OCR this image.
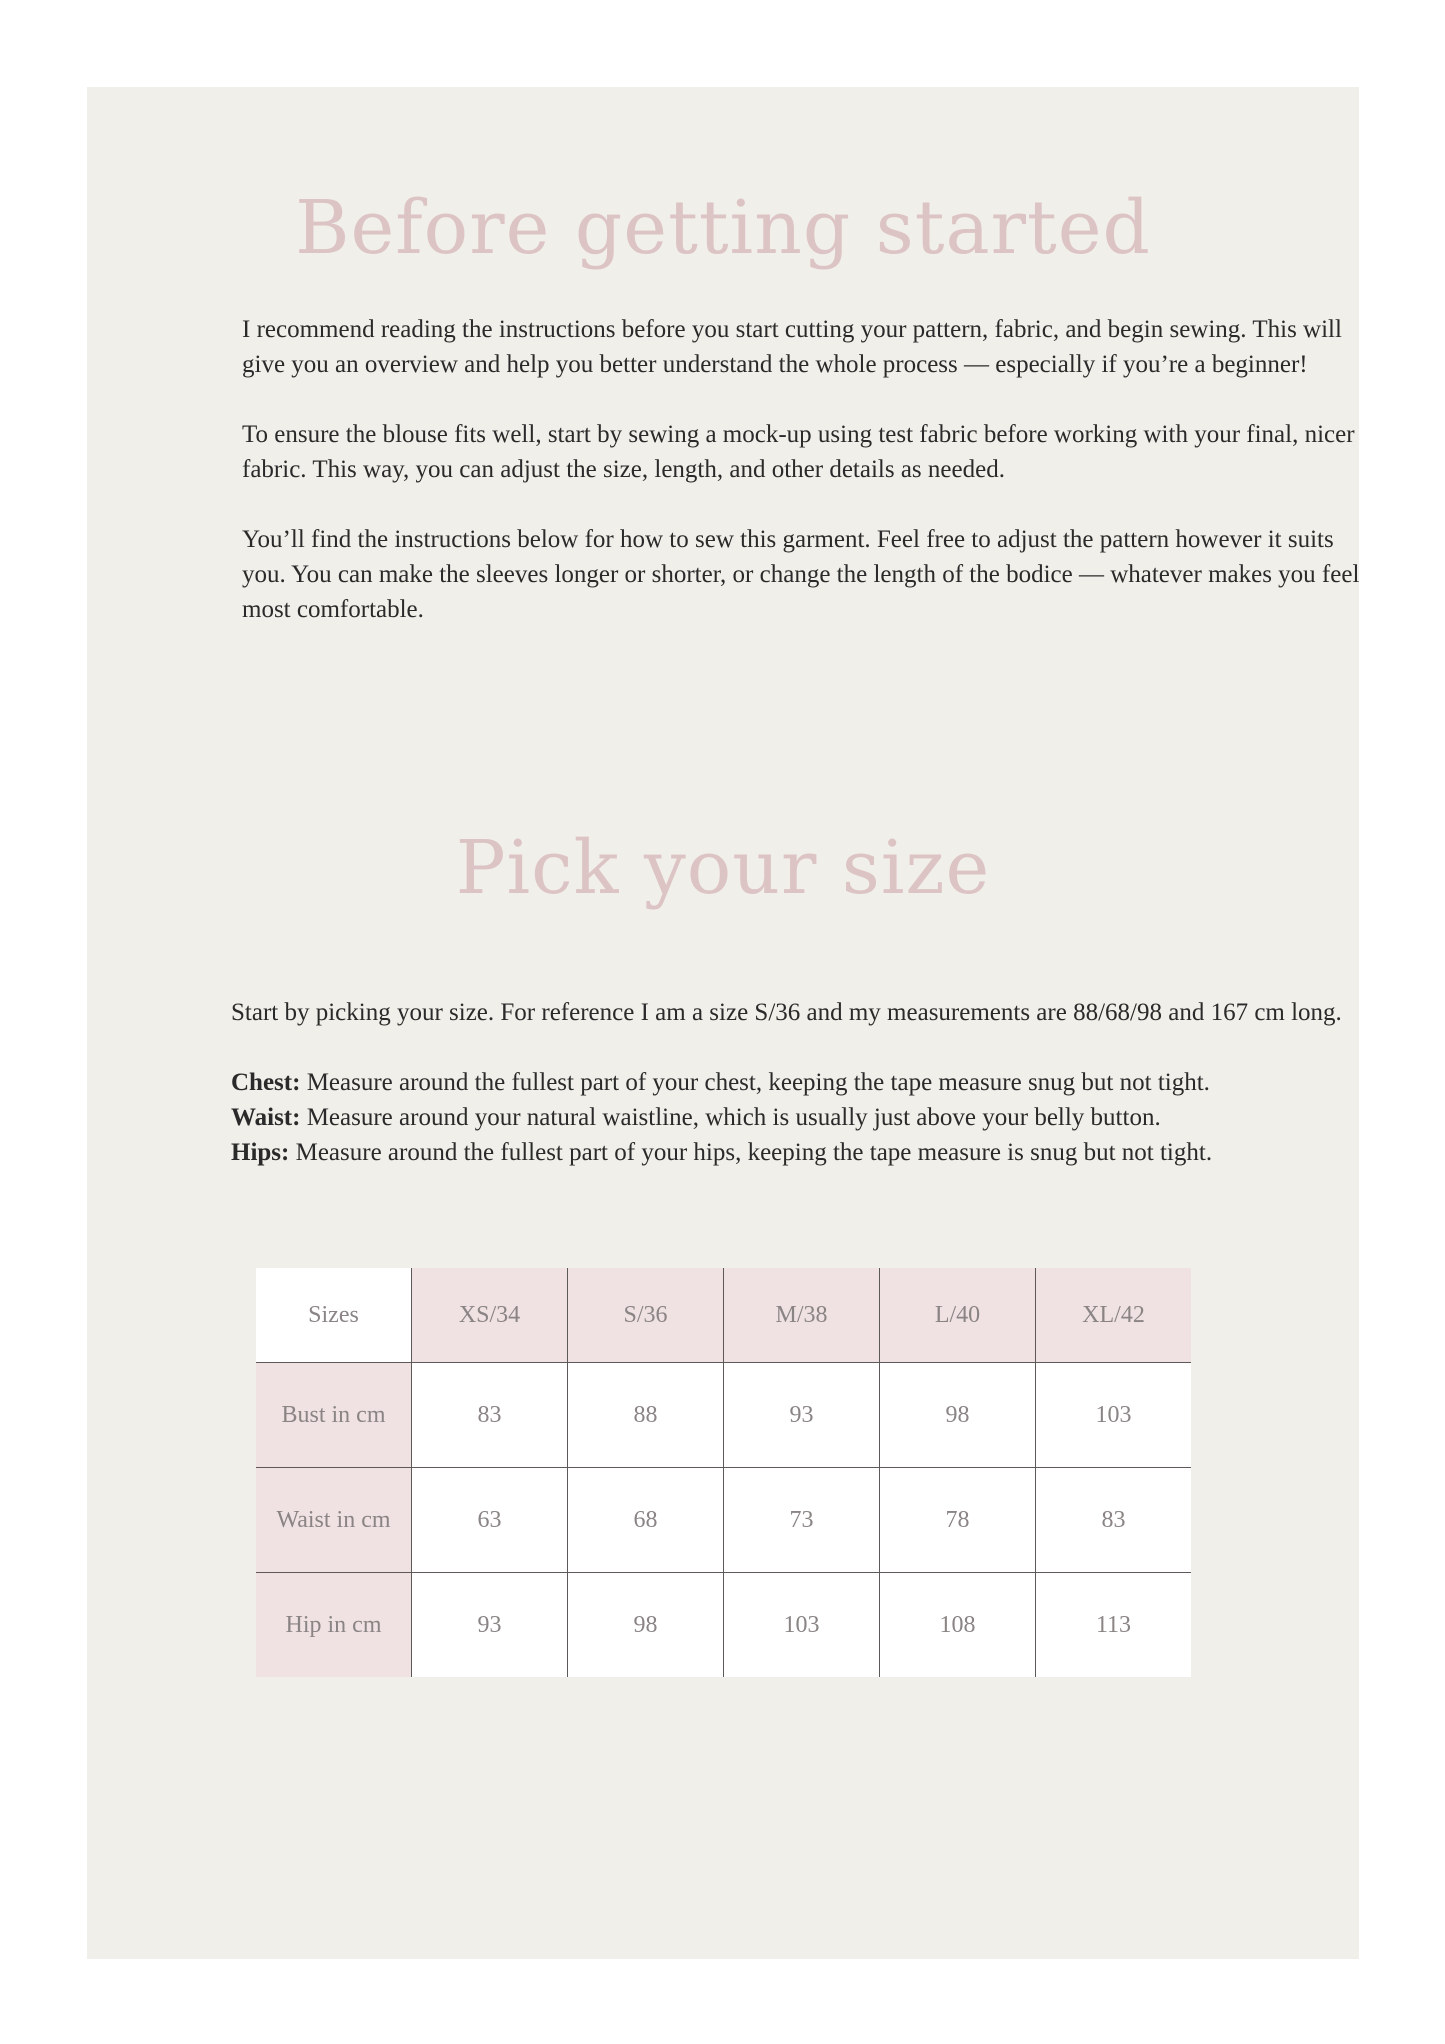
Before getting started

I recommend reading the instructions before you start cutting your pattern, fabric, and begin sewing. This will give you an overview and help you better understand the whole process — especially if you’re a beginner!

To ensure the blouse fits well, start by sewing a mock-up using test fabric before working with your final, nicer fabric. This way, you can adjust the size, length, and other details as needed.

You’ll find the instructions below for how to sew this garment. Feel free to adjust the pattern however it suits you. You can make the sleeves longer or shorter, or change the length of the bodice — whatever makes you feel most comfortable.

Pick your size

Start by picking your size. For reference I am a size S/36 and my measurements are 88/68/98 and 167 cm long.

Chest: Measure around the fullest part of your chest, keeping the tape measure snug but not tight.
Waist: Measure around your natural waistline, which is usually just above your belly button.
Hips: Measure around the fullest part of your hips, keeping the tape measure is snug but not tight.
Sizes	XS/34	S/36	M/38	L/40	XL/42
Bust in cm	83	88	93	98	103
Waist in cm	63	68	73	78	83
Hip in cm	93	98	103	108	113
